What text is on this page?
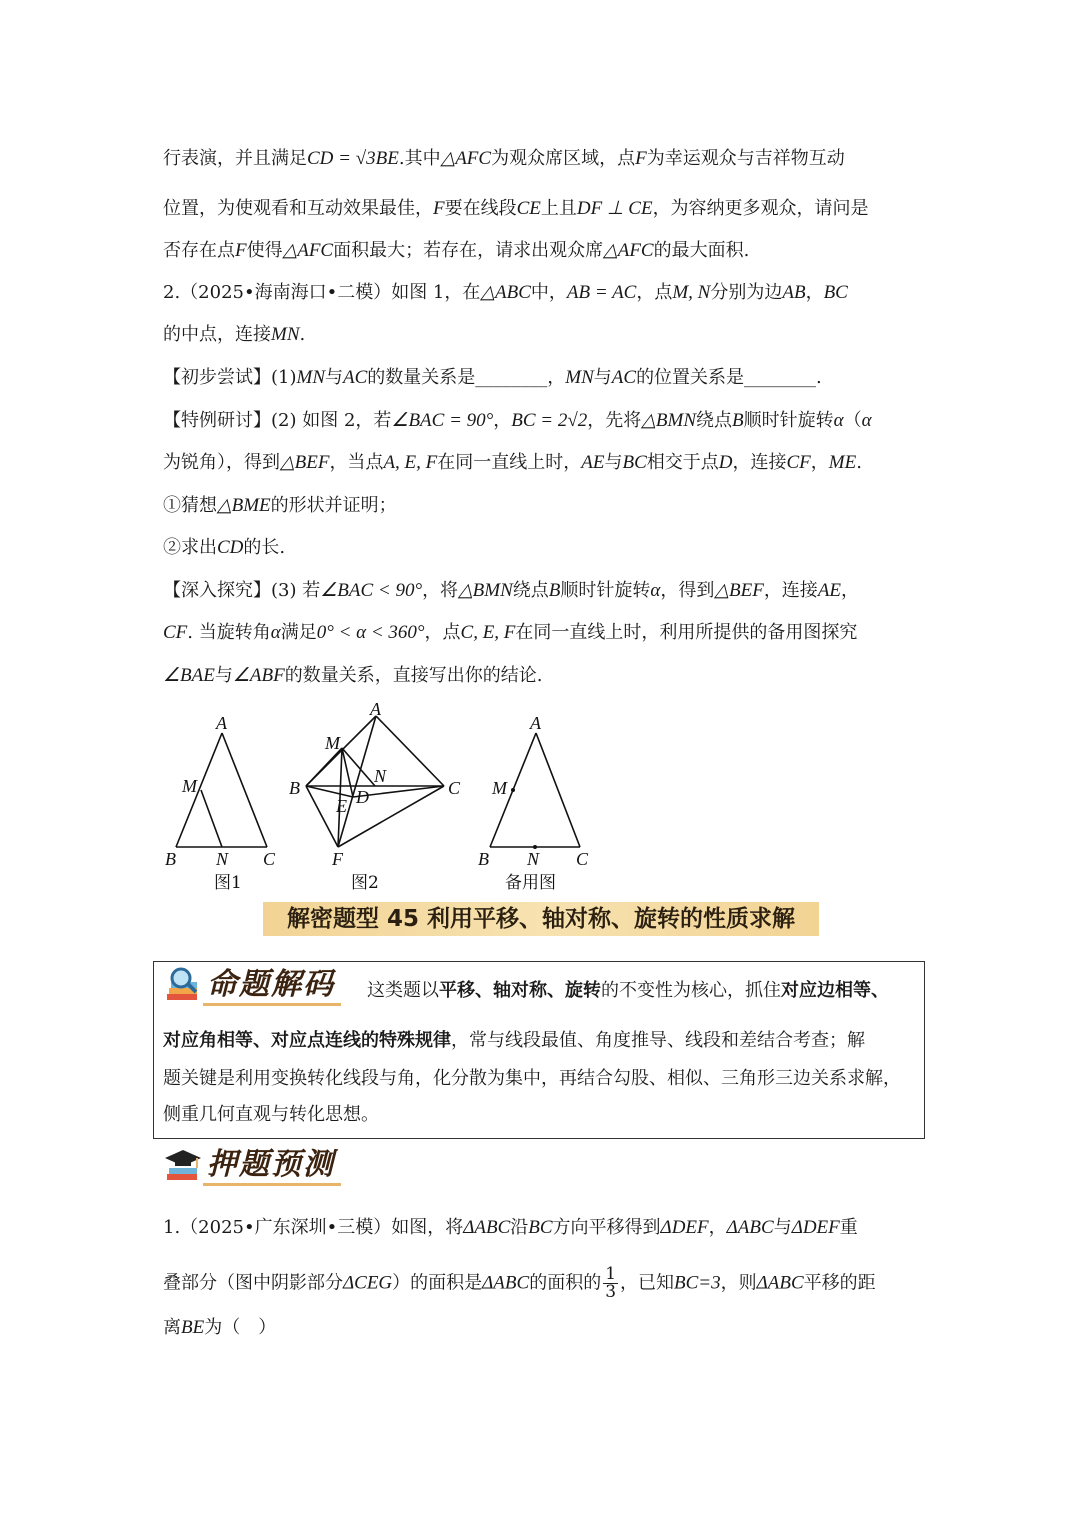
行表演，并且满足CD = √3BE.其中△AFC为观众席区域，点F为幸运观众与吉祥物互动
位置，为使观看和互动效果最佳，F要在线段CE上且DF ⊥ CE，为容纳更多观众，请问是
否存在点F使得△AFC面积最大；若存在，请求出观众席△AFC的最大面积.
2.（2025•海南海口•二模）如图 1，在△ABC中，AB = AC，点M, N分别为边AB，BC
的中点，连接MN.
【初步尝试】(1)MN与AC的数量关系是________，MN与AC的位置关系是________.
【特例研讨】(2) 如图 2，若∠BAC = 90°，BC = 2√2，先将△BMN绕点B顺时针旋转α（α
为锐角），得到△BEF，当点A, E, F在同一直线上时，AE与BC相交于点D，连接CF，ME.
①猜想△BME的形状并证明；
②求出CD的长.
【深入探究】(3) 若∠BAC < 90°，将△BMN绕点B顺时针旋转α，得到△BEF，连接AE，
CF. 当旋转角α满足0° < α < 360°，点C, E, F在同一直线上时，利用所提供的备用图探究
∠BAE与∠ABF的数量关系，直接写出你的结论.
A
M
B N C
A
M
N
B	C
E D
F
A
M
B N C
图1	图2	备用图
解密题型 45 利用平移、轴对称、旋转的性质求解
命题解码	这类题以平移、轴对称、旋转的不变性为核心，抓住对应边相等、
对应角相等、对应点连线的特殊规律，常与线段最值、角度推导、线段和差结合考查；解
题关键是利用变换转化线段与角，化分散为集中，再结合勾股、相似、三角形三边关系求解，
侧重几何直观与转化思想。
押题预测
1.（2025•广东深圳•三模）如图，将ΔABC沿BC方向平移得到ΔDEF，ΔABC与ΔDEF重
叠部分（图中阴影部分ΔCEG）的面积是ΔABC的面积的 $\frac{1}{3}$ ，已知BC=3，则ΔABC平移的距
离BE为（　）
